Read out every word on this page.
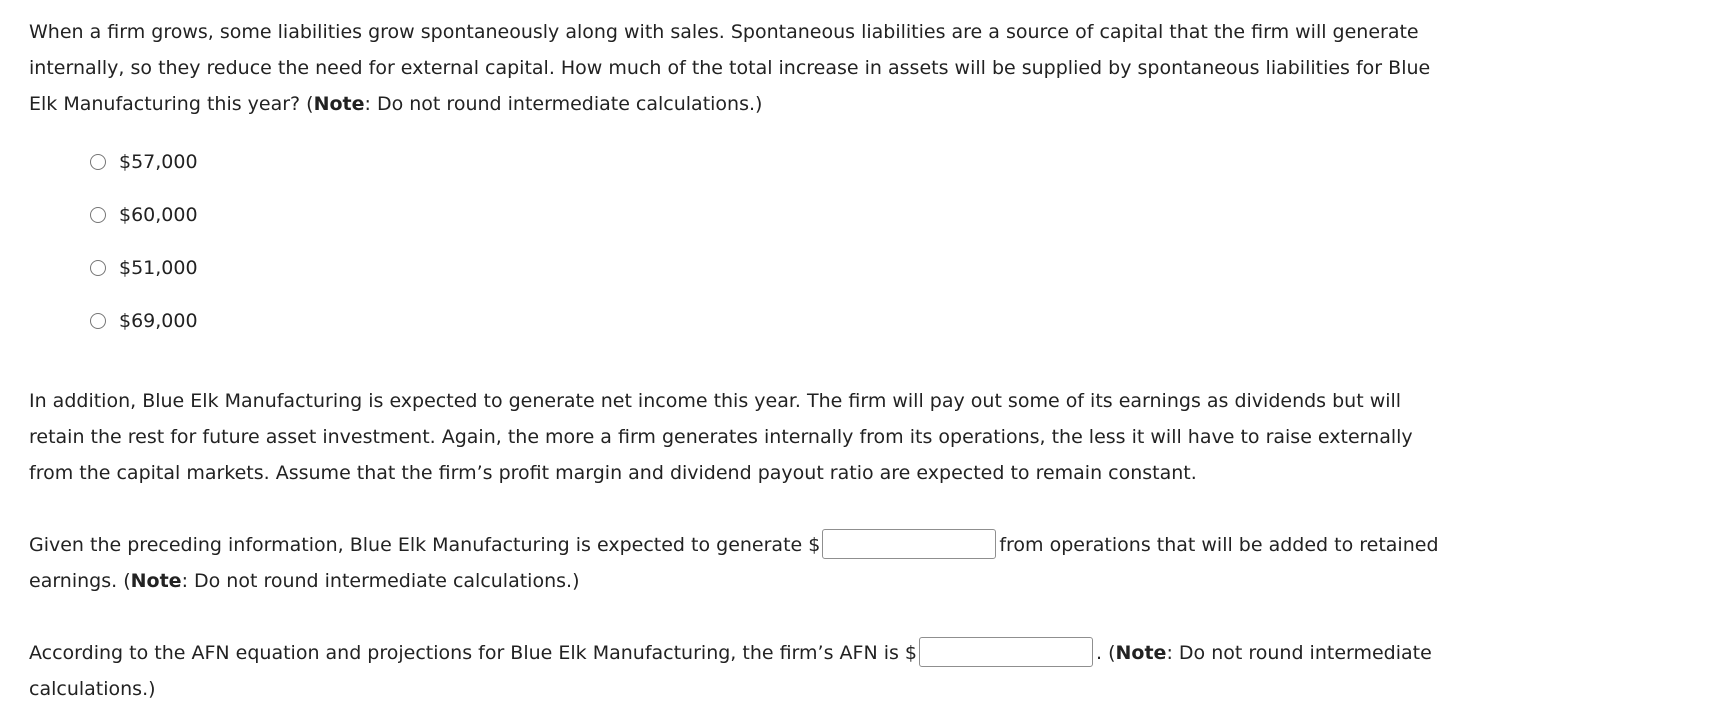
When a firm grows, some liabilities grow spontaneously along with sales. Spontaneous liabilities are a source of capital that the firm will generate internally, so they reduce the need for external capital. How much of the total increase in assets will be supplied by spontaneous liabilities for Blue Elk Manufacturing this year? (Note: Do not round intermediate calculations.)

$57,000
$60,000
$51,000
$69,000

In addition, Blue Elk Manufacturing is expected to generate net income this year. The firm will pay out some of its earnings as dividends but will retain the rest for future asset investment. Again, the more a firm generates internally from its operations, the less it will have to raise externally from the capital markets. Assume that the firm’s profit margin and dividend payout ratio are expected to remain constant.

Given the preceding information, Blue Elk Manufacturing is expected to generate $	from operations that will be added to retained earnings. (Note: Do not round intermediate calculations.)

According to the AFN equation and projections for Blue Elk Manufacturing, the firm’s AFN is $	. (Note: Do not round intermediate calculations.)
